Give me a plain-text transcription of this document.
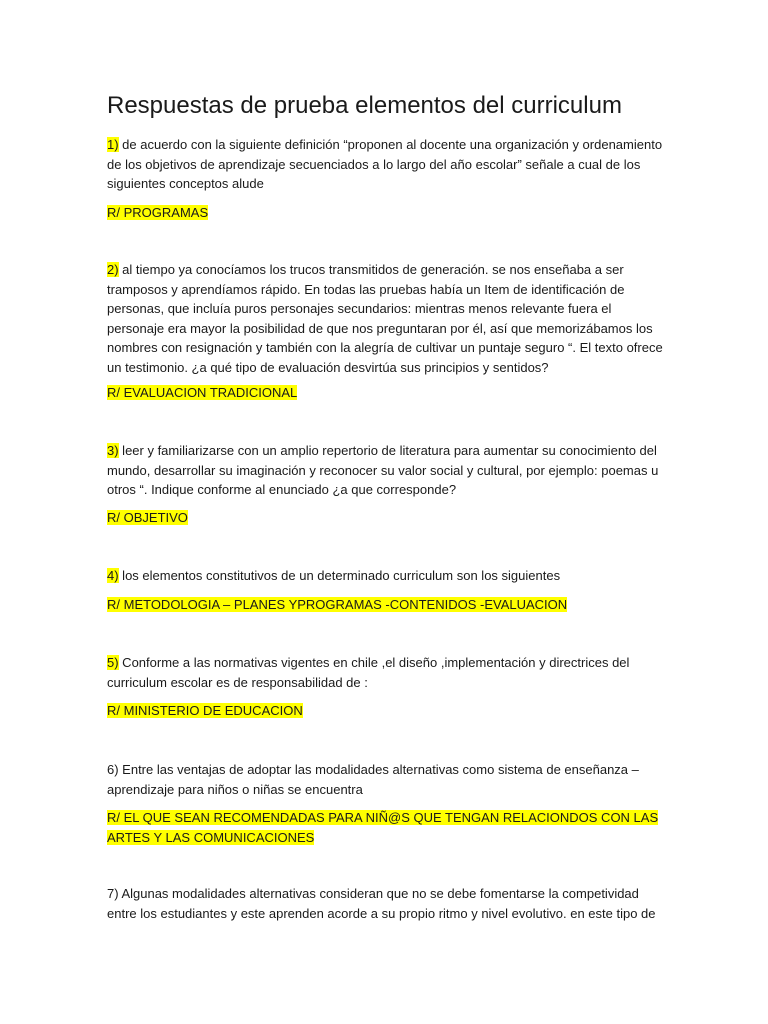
Respuestas de prueba elementos del curriculum

1) de acuerdo con la siguiente definición “proponen al docente una organización y ordenamiento de los objetivos de aprendizaje secuenciados a lo largo del año escolar” señale a cual de los siguientes conceptos alude

R/ PROGRAMAS

2) al tiempo ya conocíamos los trucos transmitidos de generación. se nos enseñaba a ser tramposos y aprendíamos rápido. En todas las pruebas había un Item de identificación de personas, que incluía puros personajes secundarios: mientras menos relevante fuera el personaje era mayor la posibilidad de que nos preguntaran por él, así que memorizábamos los nombres con resignación y también con la alegría de cultivar un puntaje seguro “. El texto ofrece un testimonio. ¿a qué tipo de evaluación desvirtúa sus principios y sentidos?

R/ EVALUACION TRADICIONAL

3) leer y familiarizarse con un amplio repertorio de literatura para aumentar su conocimiento del mundo, desarrollar su imaginación y reconocer su valor social y cultural, por ejemplo: poemas u otros “. Indique conforme al enunciado ¿a que corresponde?

R/ OBJETIVO

4) los elementos constitutivos de un determinado curriculum son los siguientes

R/ METODOLOGIA – PLANES YPROGRAMAS -CONTENIDOS -EVALUACION

5) Conforme a las normativas vigentes en chile ,el diseño ,implementación y directrices del curriculum escolar es de responsabilidad de :

R/ MINISTERIO DE EDUCACION

6) Entre las ventajas de adoptar las modalidades alternativas como sistema de enseñanza – aprendizaje para niños o niñas se encuentra

R/ EL QUE SEAN RECOMENDADAS PARA NIÑ@S QUE TENGAN RELACIONDOS CON LAS ARTES Y LAS COMUNICACIONES

7) Algunas modalidades alternativas consideran que no se debe fomentarse la competividad entre los estudiantes y este aprenden acorde a su propio ritmo y nivel evolutivo. en este tipo de
